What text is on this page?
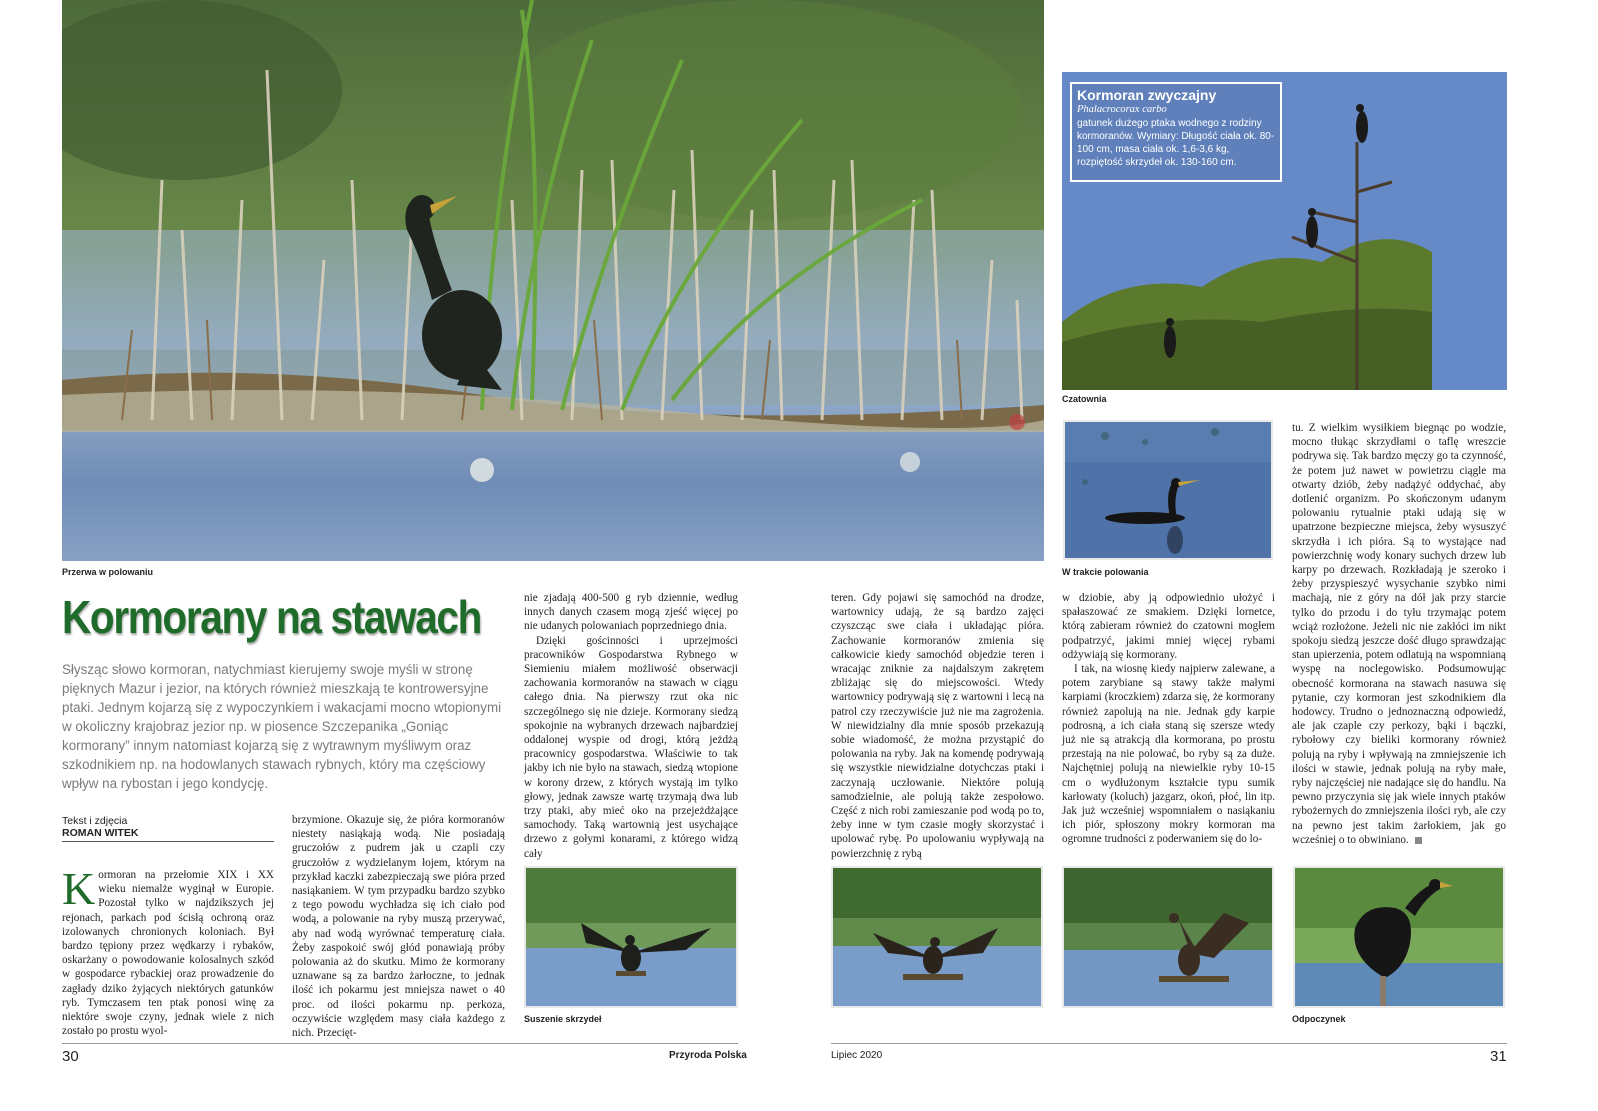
Przerwa w polowaniu
Kormoran zwyczajny
Phalacrocorax carbo
gatunek dużego ptaka wodnego z rodziny kormoranów. Wymiary: Długość ciała ok. 80-100 cm, masa ciała ok. 1,6-3,6 kg, rozpiętość skrzydeł ok. 130-160 cm.
Czatownia
W trakcie polowania
Kormorany na stawach
Słysząc słowo kormoran, natychmiast kierujemy swoje myśli w stronę pięknych Mazur i jezior, na których również mieszkają te kontrowersyjne ptaki. Jednym kojarzą się z wypoczynkiem i wakacjami mocno wtopionymi w okoliczny krajobraz jezior np. w piosence Szczepanika „Goniąc kormorany” innym natomiast kojarzą się z wytrawnym myśliwym oraz szkodnikiem np. na hodowlanych stawach rybnych, który ma częściowy wpływ na rybostan i jego kondycję.
Tekst i zdjęcia
ROMAN WITEK

Kormoran na przełomie XIX i XX wieku niemalże wyginął w Europie. Pozostał tylko w najdzikszych jej rejonach, parkach pod ścisłą ochroną oraz izolowanych chronionych koloniach. Był bardzo tępiony przez wędkarzy i rybaków, oskarżany o powodowanie kolosalnych szkód w gospodarce rybackiej oraz prowadzenie do zagłady dziko żyjących niektórych gatunków ryb. Tymczasem ten ptak ponosi winę za niektóre swoje czyny, jednak wiele z nich zostało po prostu wyol-

brzymione. Okazuje się, że pióra kormoranów niestety nasiąkają wodą. Nie posiadają gruczołów z pudrem jak u czapli czy gruczołów z wydzielanym łojem, którym na przykład kaczki zabezpieczają swe pióra przed nasiąkaniem. W tym przypadku bardzo szybko z tego powodu wychładza się ich ciało pod wodą, a polowanie na ryby muszą przerywać, aby nad wodą wyrównać temperaturę ciała. Żeby zaspokoić swój głód ponawiają próby polowania aż do skutku. Mimo że kormorany uznawane są za bardzo żarłoczne, to jednak ilość ich pokarmu jest mniejsza nawet o 40 proc. od ilości pokarmu np. perkoza, oczywiście względem masy ciała każdego z nich. Przecięt-

nie zjadają 400-500 g ryb dziennie, według innych danych czasem mogą zjeść więcej po nie udanych polowaniach poprzedniego dnia.

Dzięki gościnności i uprzejmości pracowników Gospodarstwa Rybnego w Siemieniu miałem możliwość obserwacji zachowania kormoranów na stawach w ciągu całego dnia. Na pierwszy rzut oka nic szczególnego się nie dzieje. Kormorany siedzą spokojnie na wybranych drzewach najbardziej oddalonej wyspie od drogi, którą jeżdżą pracownicy gospodarstwa. Właściwie to tak jakby ich nie było na stawach, siedzą wtopione w korony drzew, z których wystają im tylko głowy, jednak zawsze wartę trzymają dwa lub trzy ptaki, aby mieć oko na przejeżdżające samochody. Taką wartownią jest usychające drzewo z gołymi konarami, z którego widzą cały

teren. Gdy pojawi się samochód na drodze, wartownicy udają, że są bardzo zajęci czyszcząc swe ciała i układając pióra. Zachowanie kormoranów zmienia się całkowicie kiedy samochód objedzie teren i wracając zniknie za najdalszym zakrętem zbliżając się do miejscowości. Wtedy wartownicy podrywają się z wartowni i lecą na patrol czy rzeczywiście już nie ma zagrożenia. W niewidzialny dla mnie sposób przekazują sobie wiadomość, że można przystąpić do polowania na ryby. Jak na komendę podrywają się wszystkie niewidzialne dotychczas ptaki i zaczynają uczłowanie. Niektóre polują samodzielnie, ale polują także zespołowo. Część z nich robi zamieszanie pod wodą po to, żeby inne w tym czasie mogły skorzystać i upolować rybę. Po upolowaniu wypływają na powierzchnię z rybą

w dziobie, aby ją odpowiednio ułożyć i spałaszować ze smakiem. Dzięki lornetce, którą zabieram również do czatowni mogłem podpatrzyć, jakimi mniej więcej rybami odżywiają się kormorany.

I tak, na wiosnę kiedy najpierw zalewane, a potem zarybiane są stawy także małymi karpiami (kroczkiem) zdarza się, że kormorany również zapolują na nie. Jednak gdy karpie podrosną, a ich ciała staną się szersze wtedy już nie są atrakcją dla kormorana, po prostu przestają na nie polować, bo ryby są za duże. Najchętniej polują na niewielkie ryby 10-15 cm o wydłużonym kształcie typu sumik karłowaty (koluch) jazgarz, okoń, płoć, lin itp. Jak już wcześniej wspomniałem o nasiąkaniu ich piór, spłoszony mokry kormoran ma ogromne trudności z poderwaniem się do lo-

tu. Z wielkim wysiłkiem biegnąc po wodzie, mocno tłukąc skrzydłami o taflę wreszcie podrywa się. Tak bardzo męczy go ta czynność, że potem już nawet w powietrzu ciągle ma otwarty dziób, żeby nadążyć oddychać, aby dotlenić organizm. Po skończonym udanym polowaniu rytualnie ptaki udają się w upatrzone bezpieczne miejsca, żeby wysuszyć skrzydła i ich pióra. Są to wystające nad powierzchnię wody konary suchych drzew lub karpy po drzewach. Rozkładają je szeroko i żeby przyspieszyć wysychanie szybko nimi machają, nie z góry na dół jak przy starcie tylko do przodu i do tyłu trzymając potem wciąż rozłożone. Jeżeli nic nie zakłóci im nikt spokoju siedzą jeszcze dość długo sprawdzając stan upierzenia, potem odlatują na wspomnianą wyspę na noclegowisko. Podsumowując obecność kormorana na stawach nasuwa się pytanie, czy kormoran jest szkodnikiem dla hodowcy. Trudno o jednoznaczną odpowiedź, ale jak czaple czy perkozy, bąki i bączki, rybołowy czy bieliki kormorany również polują na ryby i wpływają na zmniejszenie ich ilości w stawie, jednak polują na ryby małe, ryby najczęściej nie nadające się do handlu. Na pewno przyczynia się jak wiele innych ptaków rybożernych do zmniejszenia ilości ryb, ale czy na pewno jest takim żarłokiem, jak go wcześniej o to obwiniano.

Suszenie skrzydeł	Odpoczynek
30	Przyroda Polska	Lipiec 2020	31
